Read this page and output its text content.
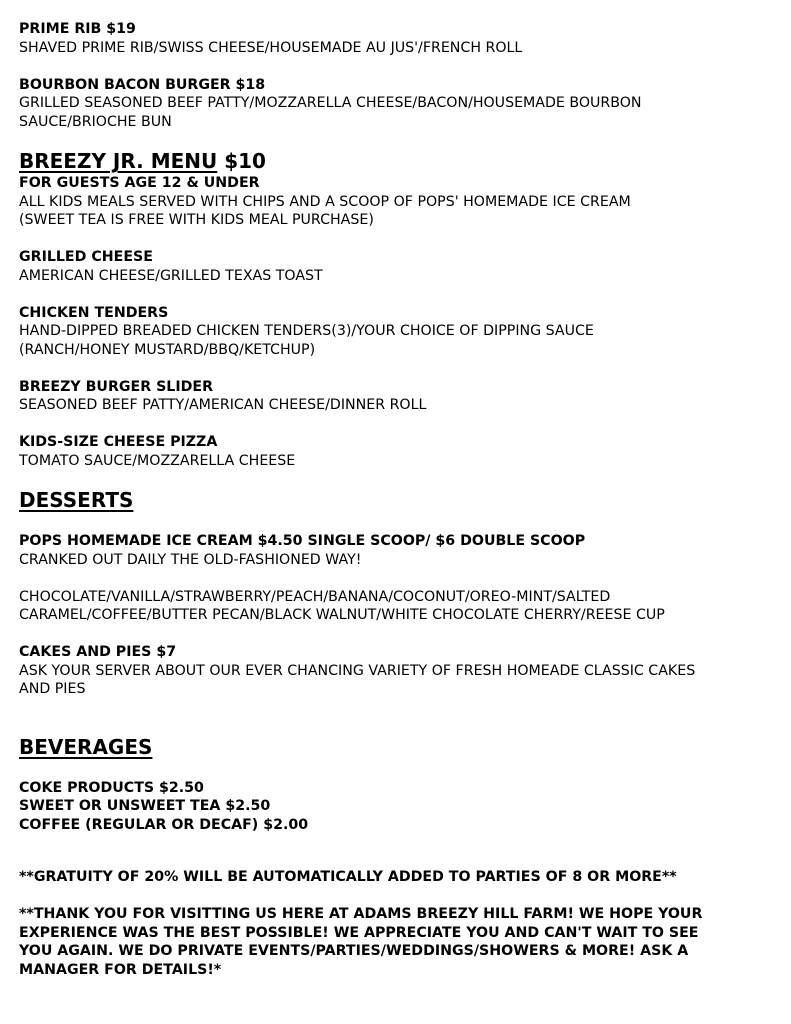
PRIME RIB $19

SHAVED PRIME RIB/SWISS CHEESE/HOUSEMADE AU JUS'/FRENCH ROLL

BOURBON BACON BURGER $18

GRILLED SEASONED BEEF PATTY/MOZZARELLA CHEESE/BACON/HOUSEMADE BOURBON

SAUCE/BRIOCHE BUN

BREEZY JR. MENU $10

FOR GUESTS AGE 12 & UNDER

ALL KIDS MEALS SERVED WITH CHIPS AND A SCOOP OF POPS' HOMEMADE ICE CREAM

(SWEET TEA IS FREE WITH KIDS MEAL PURCHASE)

GRILLED CHEESE

AMERICAN CHEESE/GRILLED TEXAS TOAST

CHICKEN TENDERS

HAND-DIPPED BREADED CHICKEN TENDERS(3)/YOUR CHOICE OF DIPPING SAUCE

(RANCH/HONEY MUSTARD/BBQ/KETCHUP)

BREEZY BURGER SLIDER

SEASONED BEEF PATTY/AMERICAN CHEESE/DINNER ROLL

KIDS-SIZE CHEESE PIZZA

TOMATO SAUCE/MOZZARELLA CHEESE

DESSERTS

POPS HOMEMADE ICE CREAM $4.50 SINGLE SCOOP/ $6 DOUBLE SCOOP

CRANKED OUT DAILY THE OLD-FASHIONED WAY!

CHOCOLATE/VANILLA/STRAWBERRY/PEACH/BANANA/COCONUT/OREO-MINT/SALTED

CARAMEL/COFFEE/BUTTER PECAN/BLACK WALNUT/WHITE CHOCOLATE CHERRY/REESE CUP

CAKES AND PIES $7

ASK YOUR SERVER ABOUT OUR EVER CHANCING VARIETY OF FRESH HOMEADE CLASSIC CAKES

AND PIES

BEVERAGES

COKE PRODUCTS $2.50

SWEET OR UNSWEET TEA $2.50

COFFEE (REGULAR OR DECAF) $2.00

**GRATUITY OF 20% WILL BE AUTOMATICALLY ADDED TO PARTIES OF 8 OR MORE**

**THANK YOU FOR VISITTING US HERE AT ADAMS BREEZY HILL FARM! WE HOPE YOUR

EXPERIENCE WAS THE BEST POSSIBLE! WE APPRECIATE YOU AND CAN'T WAIT TO SEE

YOU AGAIN. WE DO PRIVATE EVENTS/PARTIES/WEDDINGS/SHOWERS & MORE! ASK A

MANAGER FOR DETAILS!*
